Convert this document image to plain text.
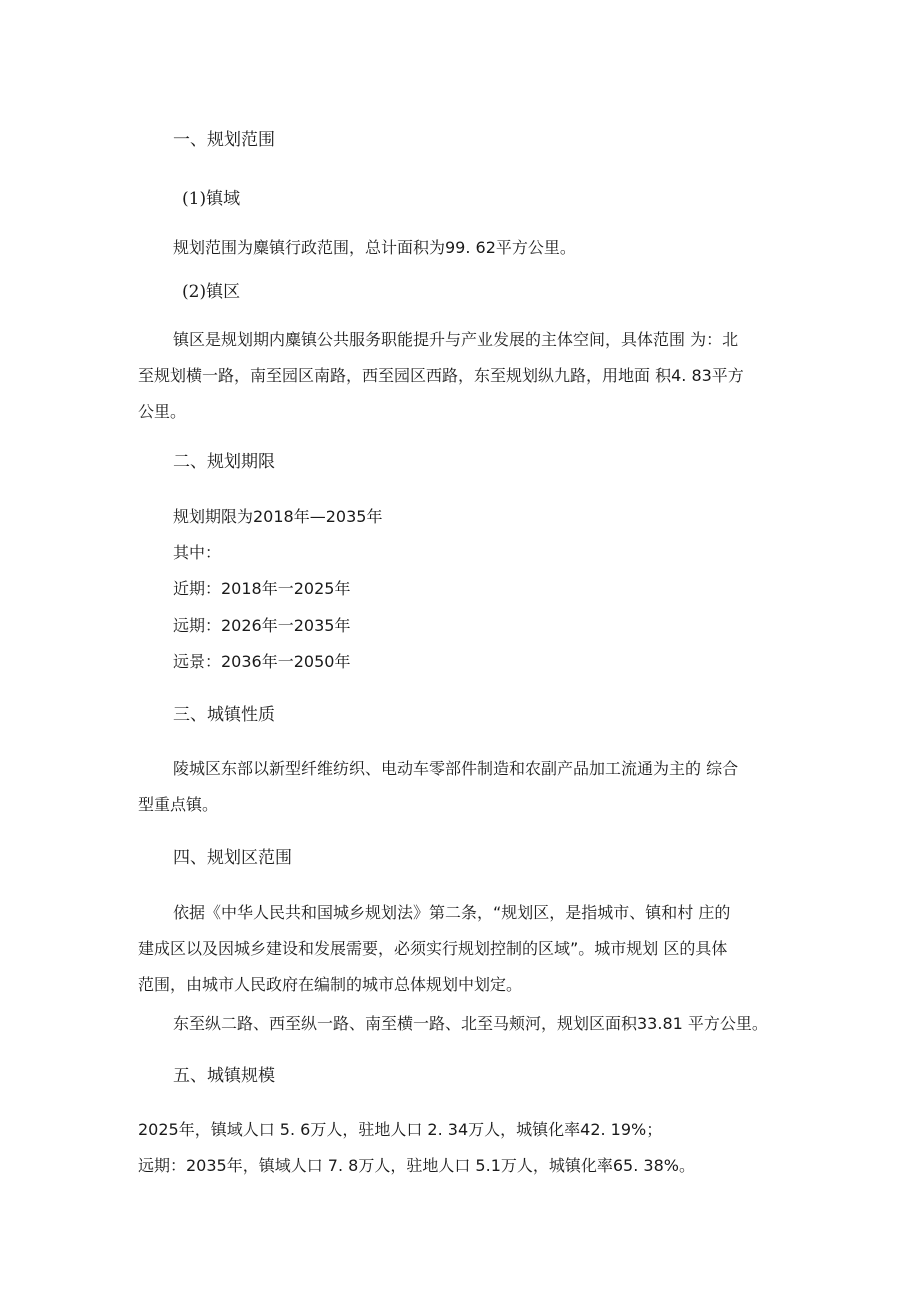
一、规划范围

(1)镇域

规划范围为麋镇行政范围，总计面积为99. 62平方公里。

(2)镇区

镇区是规划期内麋镇公共服务职能提升与产业发展的主体空间，具体范围 为：北

至规划横一路，南至园区南路，西至园区西路，东至规划纵九路，用地面 积4. 83平方

公里。

二、规划期限

规划期限为2018年—2035年

其中：

近期：2018年一2025年

远期：2026年一2035年

远景：2036年一2050年

三、城镇性质

陵城区东部以新型纤维纺织、电动车零部件制造和农副产品加工流通为主的 综合

型重点镇。

四、规划区范围

依据《中华人民共和国城乡规划法》第二条，“规划区，是指城市、镇和村 庄的

建成区以及因城乡建设和发展需要，必须实行规划控制的区域”。城市规划 区的具体

范围，由城市人民政府在编制的城市总体规划中划定。

东至纵二路、西至纵一路、南至横一路、北至马颊河，规划区面积33.81 平方公里。

五、城镇规模

2025年，镇域人口 5. 6万人，驻地人口 2. 34万人，城镇化率42. 19%；

远期：2035年，镇域人口 7. 8万人，驻地人口 5.1万人，城镇化率65. 38%。
